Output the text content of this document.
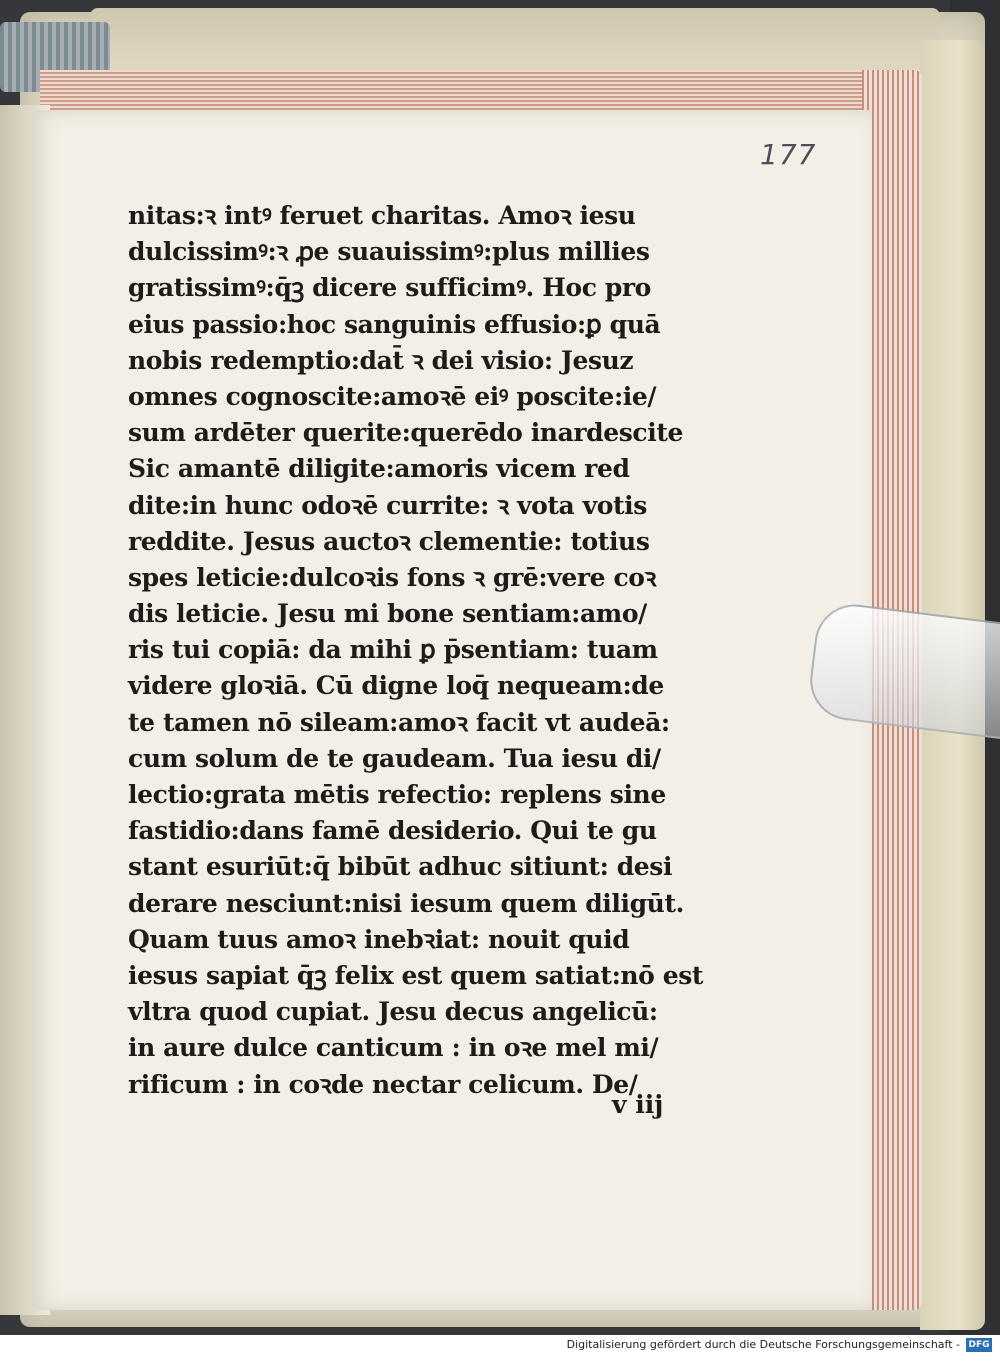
177
nitas:ꝛ intꝰ feruet charitas. Amoꝛ iesu
dulcissimꝰ:ꝛ ꝓe suauissimꝰ:plus millies
gratissimꝰ:q̄ꝫ dicere sufficimꝰ. Hoc pro
eius passio:hoc sanguinis effusio:ꝑ quā
nobis redemptio:dat̄ ꝛ dei visio: Jesuz
omnes cognoscite:amoꝛē eiꝰ poscite:ie/
sum ardēter querite:querēdo inardescite
Sic amantē diligite:amoris vicem red
dite:in hunc odoꝛē currite: ꝛ vota votis
reddite. Jesus auctoꝛ clementie: totius
spes leticie:dulcoꝛis fons ꝛ grē:vere coꝛ
dis leticie. Jesu mi bone sentiam:amo/
ris tui copiā: da mihi ꝑ p̄sentiam: tuam
videre gloꝛiā. Cū digne loq̄ nequeam:de
te tamen nō sileam:amoꝛ facit vt audeā:
cum solum de te gaudeam. Tua iesu di/
lectio:grata mētis refectio: replens sine
fastidio:dans famē desiderio. Qui te gu
stant esuriūt:q̄ bibūt adhuc sitiunt: desi
derare nesciunt:nisi iesum quem diligūt.
Quam tuus amoꝛ inebꝛiat: nouit quid
iesus sapiat q̄ꝫ felix est quem satiat:nō est
vltra quod cupiat. Jesu decus angelicū:
in aure dulce canticum : in oꝛe mel mi/
rificum : in coꝛde nectar celicum. De/
v iij
Digitalisierung gefördert durch die Deutsche Forschungsgemeinschaft - DFG
